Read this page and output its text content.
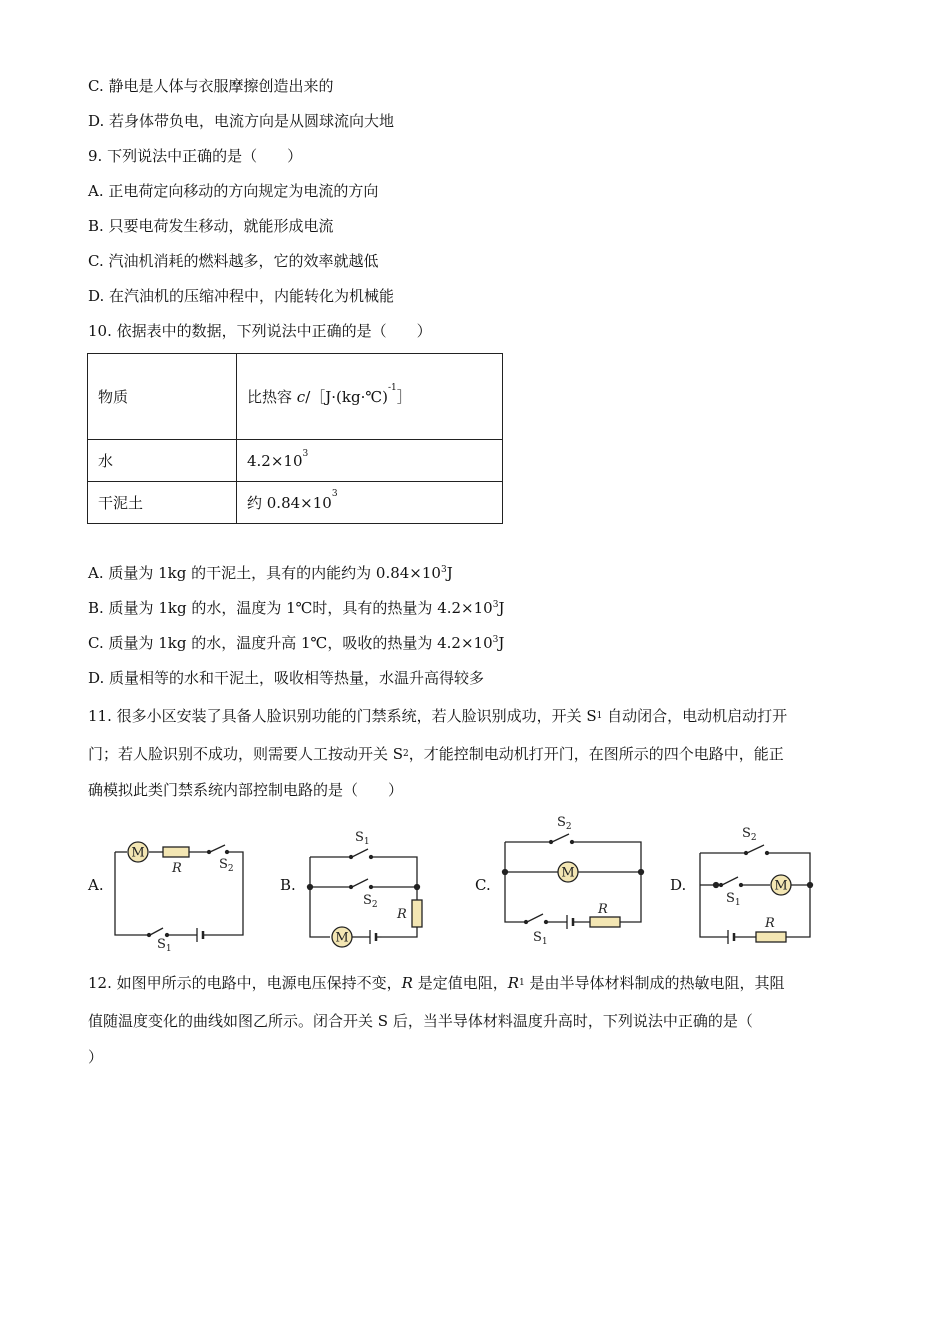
C. 静电是人体与衣服摩擦创造出来的
D. 若身体带负电，电流方向是从圆球流向大地
9. 下列说法中正确的是（　　）
A. 正电荷定向移动的方向规定为电流的方向
B. 只要电荷发生移动，就能形成电流
C. 汽油机消耗的燃料越多，它的效率就越低
D. 在汽油机的压缩冲程中，内能转化为机械能
10. 依据表中的数据，下列说法中正确的是（　　）
物质	比热容 c/［J·(kg·℃)$^{-1}$］
水	$4.2\times 10^3$
干泥土	约 $0.84\times 10^3$
A. 质量为 1kg 的干泥土，具有的内能约为 $0.84\times 10^3J$
B. 质量为 1kg 的水，温度为 1℃时，具有的热量为 $4.2\times 10^3J$
C. 质量为 1kg 的水，温度升高 1℃，吸收的热量为 $4.2\times 10^3J$
D. 质量相等的水和干泥土，吸收相等热量，水温升高得较多
11. 很多小区安装了具备人脸识别功能的门禁系统，若人脸识别成功，开关 S1 自动闭合，电动机启动打开
门；若人脸识别不成功，则需要人工按动开关 S2，才能控制电动机打开门，在图所示的四个电路中，能正
确模拟此类门禁系统内部控制电路的是（　　）
A.	B.	C.	D.
M
R	$S_2$
$S_1$
$S_1$
$S_2$
R
M
$S_2$
M
R
$S_1$
$S_2$
M
$S_1$
R
12. 如图甲所示的电路中，电源电压保持不变，R 是定值电阻，R1 是由半导体材料制成的热敏电阻，其阻
值随温度变化的曲线如图乙所示。闭合开关 S 后，当半导体材料温度升高时，下列说法中正确的是（
）
